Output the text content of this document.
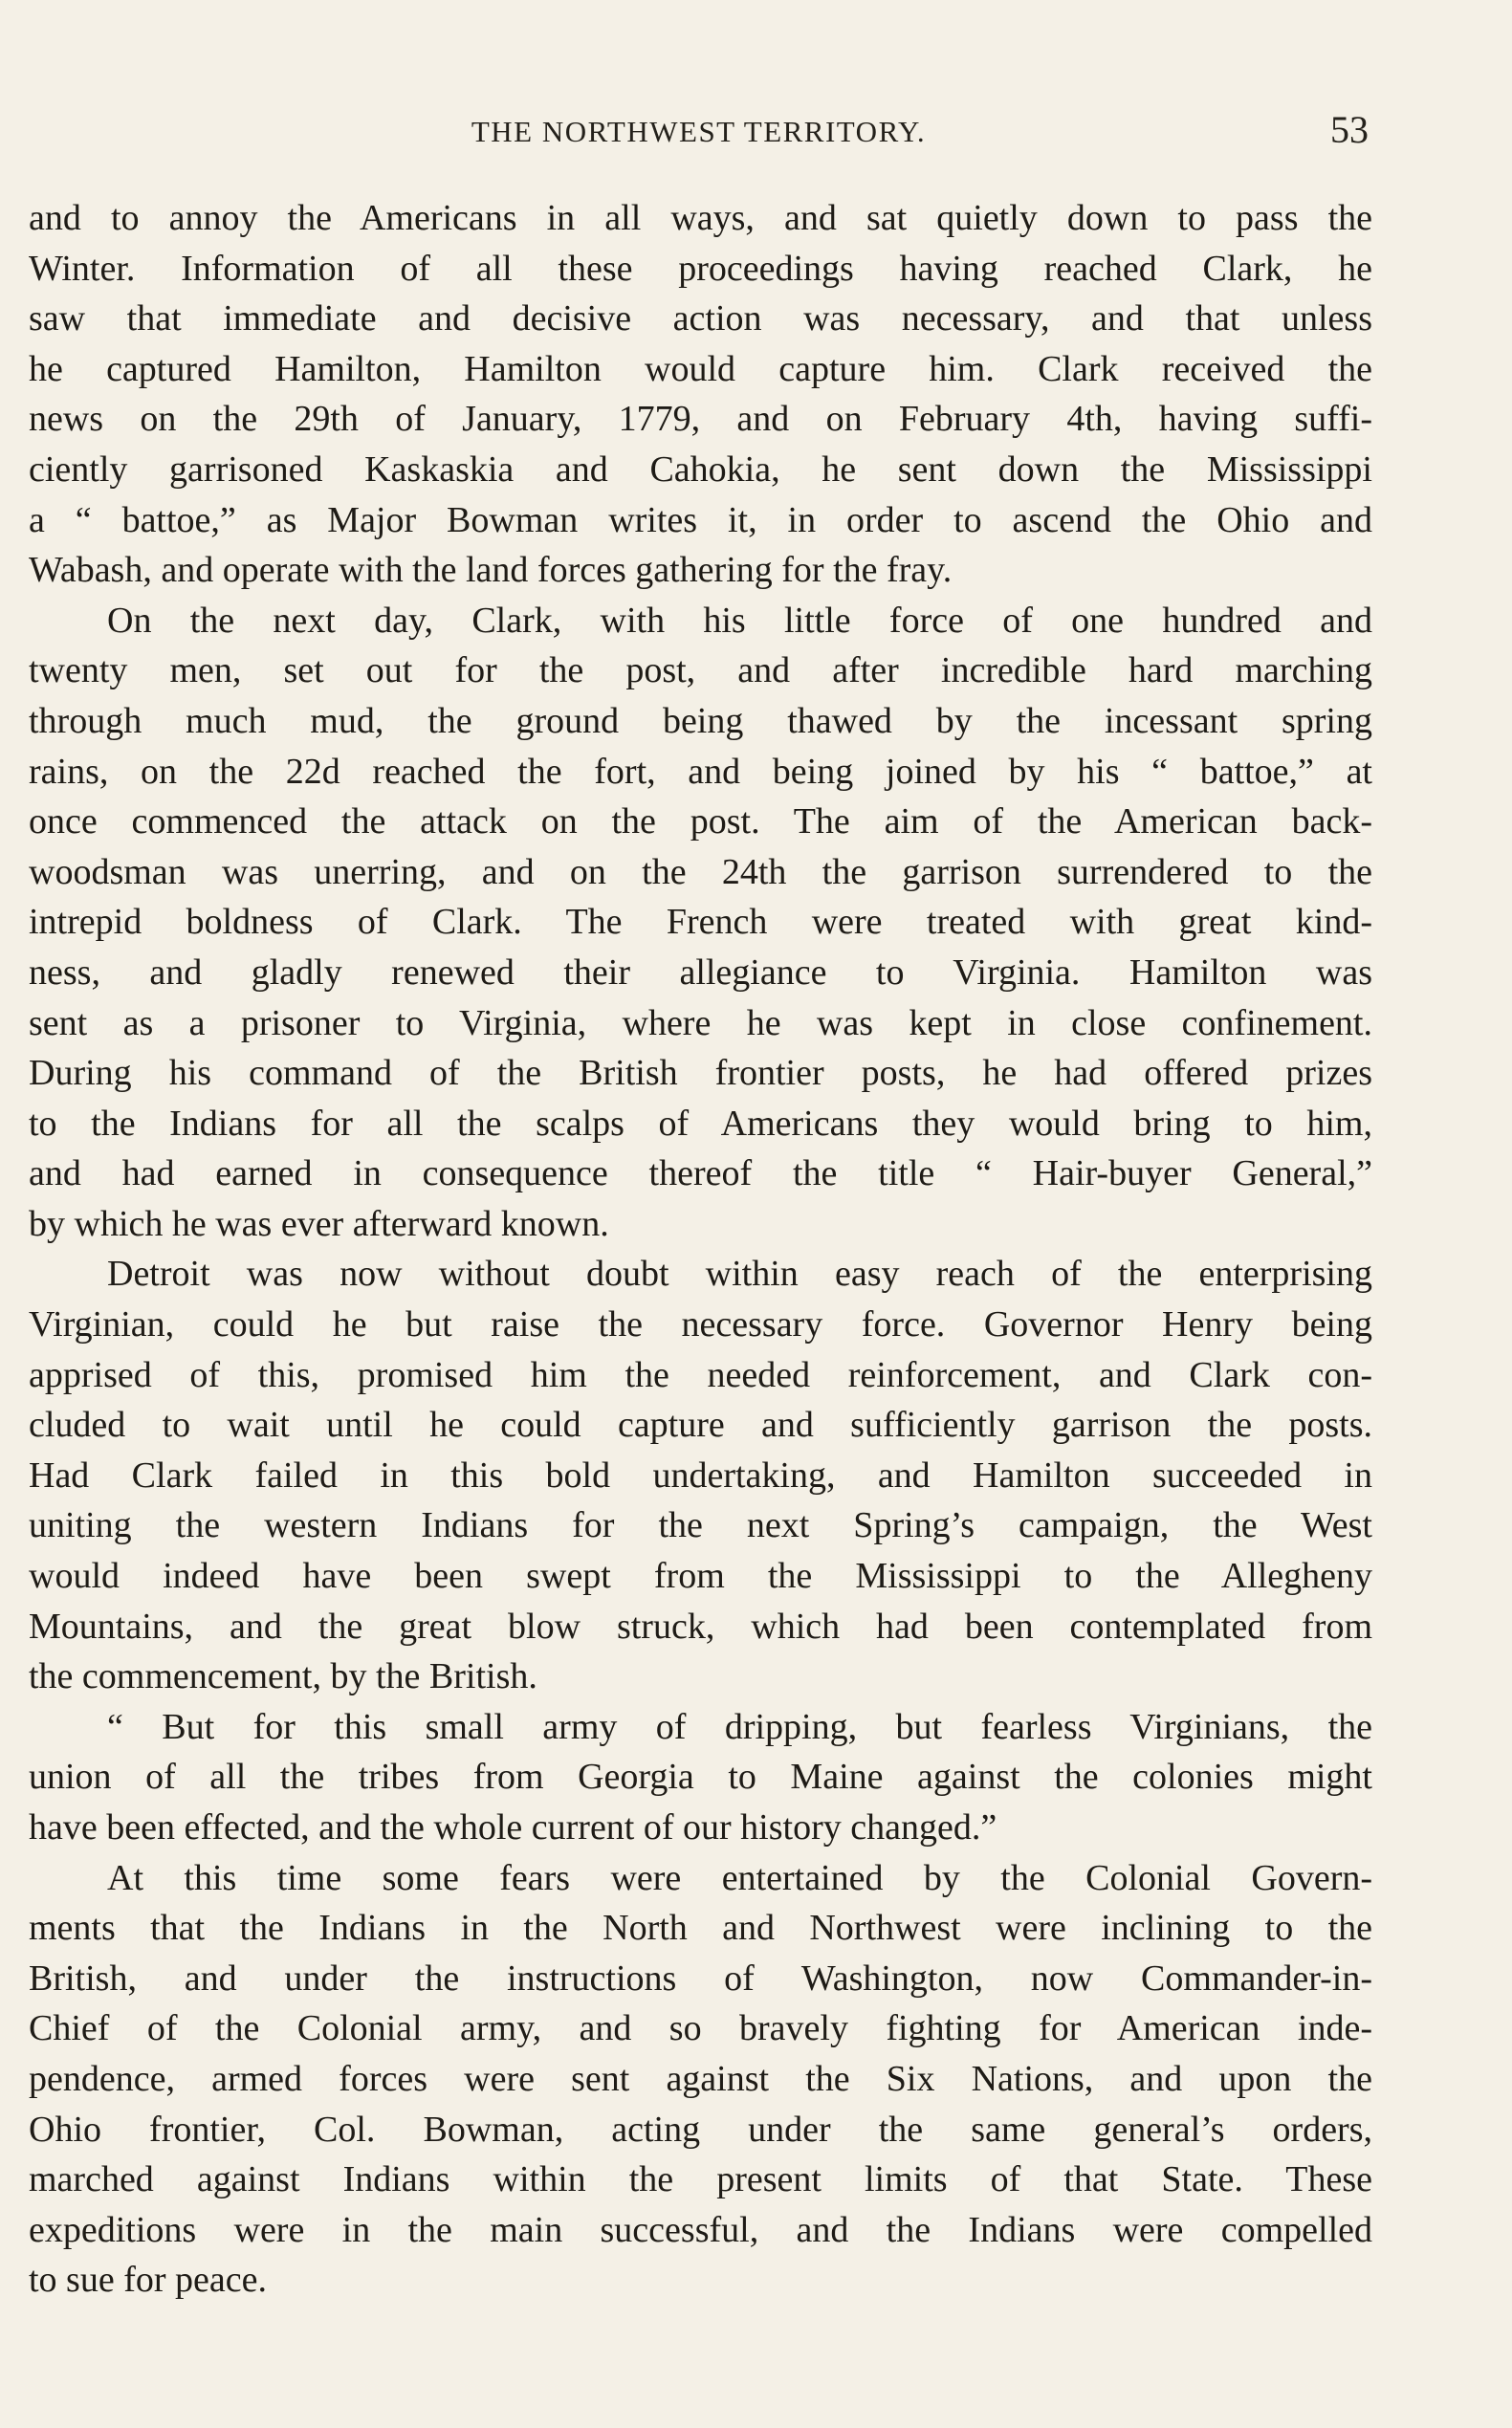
THE NORTHWEST TERRITORY.	53
and to annoy the Americans in all ways, and sat quietly down to pass the
Winter. Information of all these proceedings having reached Clark, he
saw that immediate and decisive action was necessary, and that unless
he captured Hamilton, Hamilton would capture him. Clark received the
news on the 29th of January, 1779, and on February 4th, having suffi-
ciently garrisoned Kaskaskia and Cahokia, he sent down the Mississippi
a “ battoe,” as Major Bowman writes it, in order to ascend the Ohio and
Wabash, and operate with the land forces gathering for the fray.
On the next day, Clark, with his little force of one hundred and
twenty men, set out for the post, and after incredible hard marching
through much mud, the ground being thawed by the incessant spring
rains, on the 22d reached the fort, and being joined by his “ battoe,” at
once commenced the attack on the post. The aim of the American back-
woodsman was unerring, and on the 24th the garrison surrendered to the
intrepid boldness of Clark. The French were treated with great kind-
ness, and gladly renewed their allegiance to Virginia. Hamilton was
sent as a prisoner to Virginia, where he was kept in close confinement.
During his command of the British frontier posts, he had offered prizes
to the Indians for all the scalps of Americans they would bring to him,
and had earned in consequence thereof the title “ Hair-buyer General,”
by which he was ever afterward known.
Detroit was now without doubt within easy reach of the enterprising
Virginian, could he but raise the necessary force. Governor Henry being
apprised of this, promised him the needed reinforcement, and Clark con-
cluded to wait until he could capture and sufficiently garrison the posts.
Had Clark failed in this bold undertaking, and Hamilton succeeded in
uniting the western Indians for the next Spring’s campaign, the West
would indeed have been swept from the Mississippi to the Allegheny
Mountains, and the great blow struck, which had been contemplated from
the commencement, by the British.
“ But for this small army of dripping, but fearless Virginians, the
union of all the tribes from Georgia to Maine against the colonies might
have been effected, and the whole current of our history changed.”
At this time some fears were entertained by the Colonial Govern-
ments that the Indians in the North and Northwest were inclining to the
British, and under the instructions of Washington, now Commander-in-
Chief of the Colonial army, and so bravely fighting for American inde-
pendence, armed forces were sent against the Six Nations, and upon the
Ohio frontier, Col. Bowman, acting under the same general’s orders,
marched against Indians within the present limits of that State. These
expeditions were in the main successful, and the Indians were compelled
to sue for peace.
